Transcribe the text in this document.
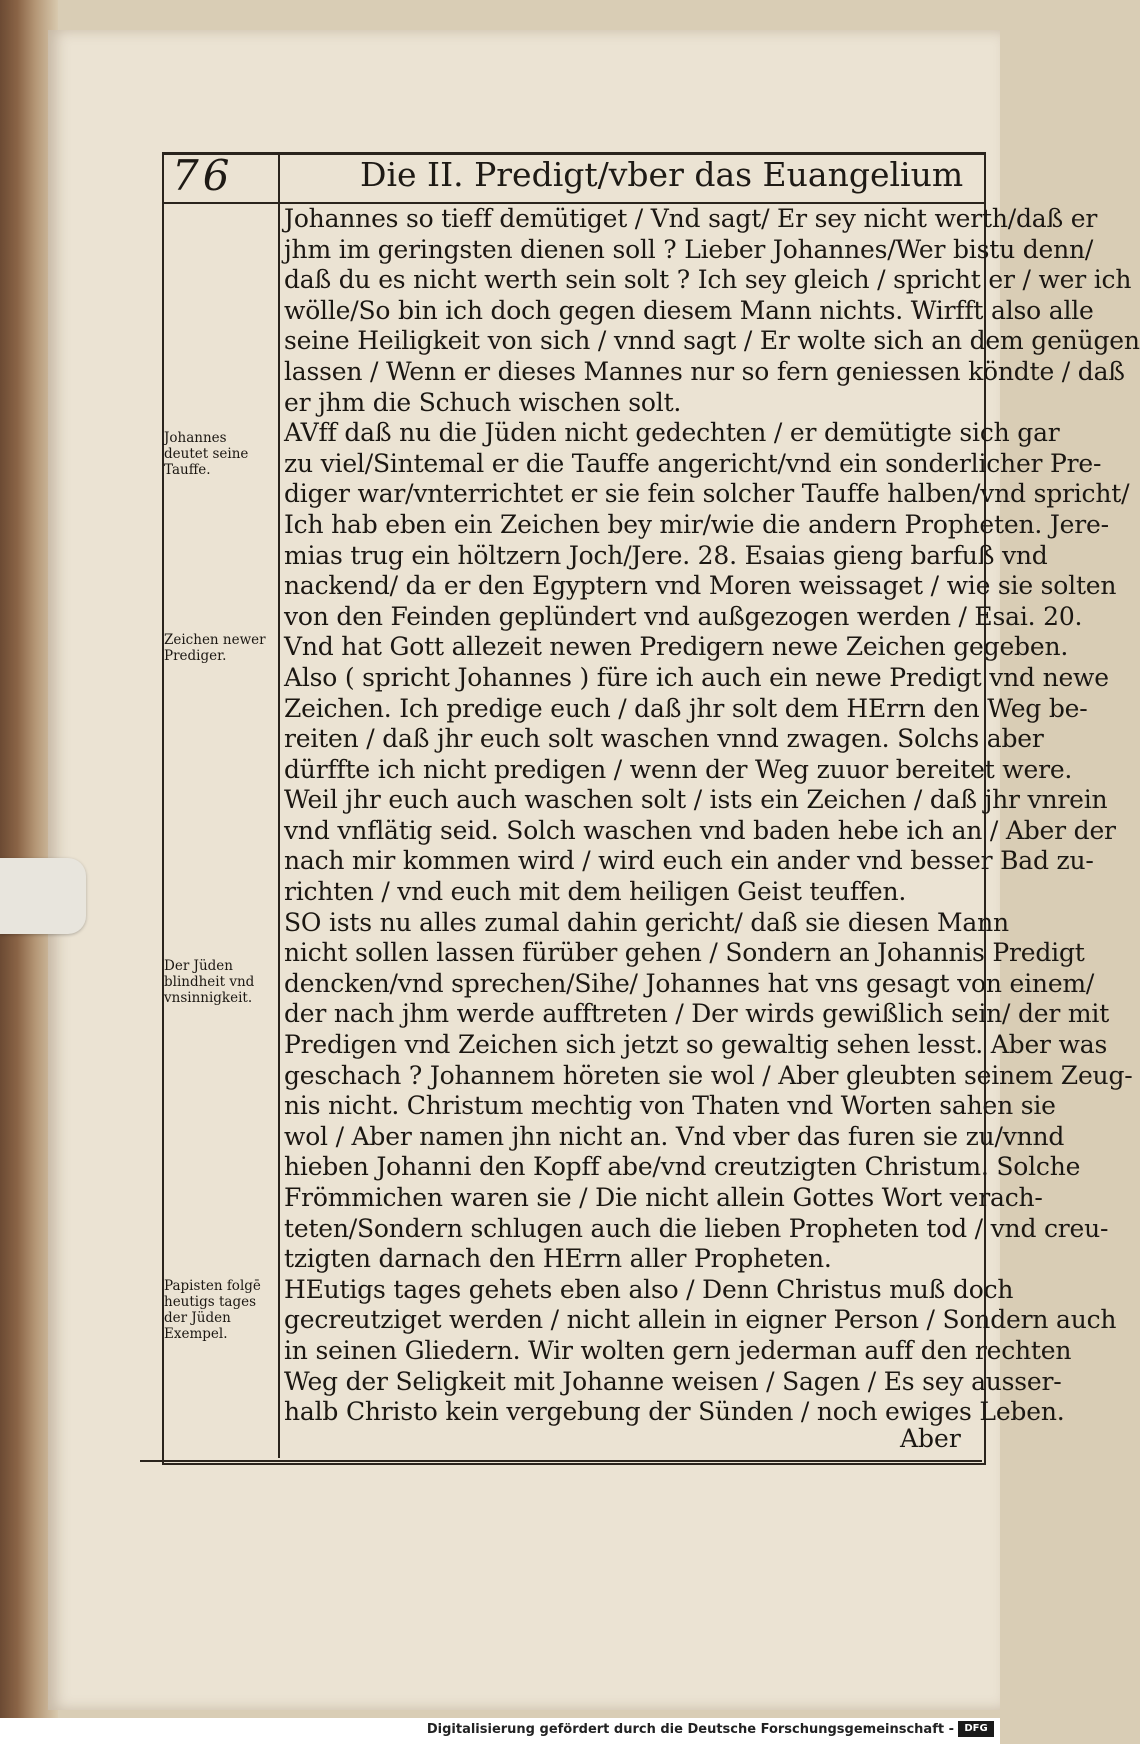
76	Die II. Predigt/vber das Euangelium
Johannes so tieff demütiget / Vnd sagt/ Er sey nicht werth/daß er
jhm im geringsten dienen soll ? Lieber Johannes/Wer bistu denn/
daß du es nicht werth sein solt ? Ich sey gleich / spricht er / wer ich
wölle/So bin ich doch gegen diesem Mann nichts. Wirfft also alle
seine Heiligkeit von sich / vnnd sagt / Er wolte sich an dem genügen
lassen / Wenn er dieses Mannes nur so fern geniessen köndte / daß
er jhm die Schuch wischen solt.
AVff daß nu die Jüden nicht gedechten / er demütigte sich gar
zu viel/Sintemal er die Tauffe angericht/vnd ein sonderlicher Pre-
diger war/vnterrichtet er sie fein solcher Tauffe halben/vnd spricht/
Ich hab eben ein Zeichen bey mir/wie die andern Propheten. Jere-
mias trug ein höltzern Joch/Jere. 28. Esaias gieng barfuß vnd
nackend/ da er den Egyptern vnd Moren weissaget / wie sie solten
von den Feinden geplündert vnd außgezogen werden / Esai. 20.
Vnd hat Gott allezeit newen Predigern newe Zeichen gegeben.
Also ( spricht Johannes ) füre ich auch ein newe Predigt vnd newe
Zeichen. Ich predige euch / daß jhr solt dem HErrn den Weg be-
reiten / daß jhr euch solt waschen vnnd zwagen. Solchs aber
dürffte ich nicht predigen / wenn der Weg zuuor bereitet were.
Weil jhr euch auch waschen solt / ists ein Zeichen / daß jhr vnrein
vnd vnflätig seid. Solch waschen vnd baden hebe ich an / Aber der
nach mir kommen wird / wird euch ein ander vnd besser Bad zu-
richten / vnd euch mit dem heiligen Geist teuffen.
SO ists nu alles zumal dahin gericht/ daß sie diesen Mann
nicht sollen lassen fürüber gehen / Sondern an Johannis Predigt
dencken/vnd sprechen/Sihe/ Johannes hat vns gesagt von einem/
der nach jhm werde aufftreten / Der wirds gewißlich sein/ der mit
Predigen vnd Zeichen sich jetzt so gewaltig sehen lesst. Aber was
geschach ? Johannem höreten sie wol / Aber gleubten seinem Zeug-
nis nicht. Christum mechtig von Thaten vnd Worten sahen sie
wol / Aber namen jhn nicht an. Vnd vber das furen sie zu/vnnd
hieben Johanni den Kopff abe/vnd creutzigten Christum. Solche
Frömmichen waren sie / Die nicht allein Gottes Wort verach-
teten/Sondern schlugen auch die lieben Propheten tod / vnd creu-
tzigten darnach den HErrn aller Propheten.
HEutigs tages gehets eben also / Denn Christus muß doch
gecreutziget werden / nicht allein in eigner Person / Sondern auch
in seinen Gliedern. Wir wolten gern jederman auff den rechten
Weg der Seligkeit mit Johanne weisen / Sagen / Es sey ausser-
halb Christo kein vergebung der Sünden / noch ewiges Leben.
Johannes
deutet seine
Tauffe.
Zeichen newer
Prediger.
Der Jüden
blindheit vnd
vnsinnigkeit.
Papisten folgē
heutigs tages
der Jüden
Exempel.
Aber
Digitalisierung gefördert durch die Deutsche Forschungsgemeinschaft -	DFG
